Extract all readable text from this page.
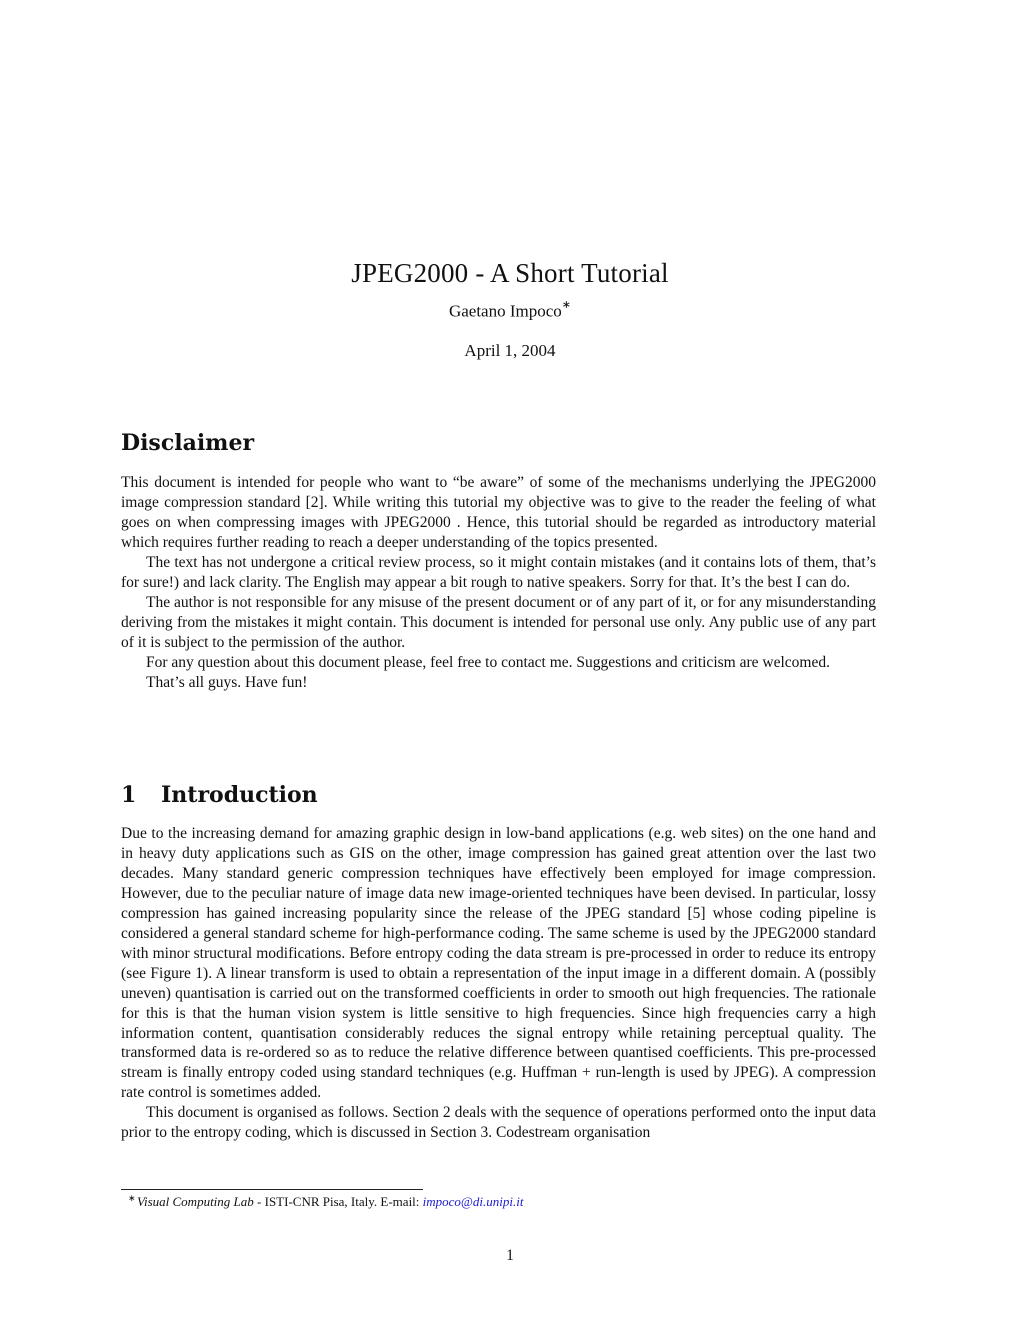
JPEG2000 - A Short Tutorial
Gaetano Impoco∗
April 1, 2004
Disclaimer

This document is intended for people who want to “be aware” of some of the mechanisms underlying the JPEG2000 image compression standard [2]. While writing this tutorial my objective was to give to the reader the feeling of what goes on when compressing images with JPEG2000 . Hence, this tutorial should be regarded as introductory material which requires further reading to reach a deeper understanding of the topics presented.

The text has not undergone a critical review process, so it might contain mistakes (and it contains lots of them, that’s for sure!) and lack clarity. The English may appear a bit rough to native speakers. Sorry for that. It’s the best I can do.

The author is not responsible for any misuse of the present document or of any part of it, or for any misunderstanding deriving from the mistakes it might contain. This document is intended for personal use only. Any public use of any part of it is subject to the permission of the author.

For any question about this document please, feel free to contact me. Suggestions and criticism are welcomed.

That’s all guys. Have fun!

1 Introduction

Due to the increasing demand for amazing graphic design in low-band applications (e.g. web sites) on the one hand and in heavy duty applications such as GIS on the other, image compression has gained great attention over the last two decades. Many standard generic compression techniques have effectively been employed for image compression. However, due to the peculiar nature of image data new image-oriented techniques have been devised. In particular, lossy compression has gained increasing popularity since the release of the JPEG standard [5] whose coding pipeline is considered a general standard scheme for high-performance coding. The same scheme is used by the JPEG2000 standard with minor structural modifications. Before entropy coding the data stream is pre-processed in order to reduce its entropy (see Figure 1). A linear transform is used to obtain a representation of the input image in a different domain. A (possibly uneven) quantisation is carried out on the transformed coefficients in order to smooth out high frequencies. The rationale for this is that the human vision system is little sensitive to high frequencies. Since high frequencies carry a high information content, quantisation considerably reduces the signal entropy while retaining perceptual quality. The transformed data is re-ordered so as to reduce the relative difference between quantised coefficients. This pre-processed stream is finally entropy coded using standard techniques (e.g. Huffman + run-length is used by JPEG). A compression rate control is sometimes added.

This document is organised as follows. Section 2 deals with the sequence of operations performed onto the input data prior to the entropy coding, which is discussed in Section 3. Codestream organisation

∗ Visual Computing Lab - ISTI-CNR Pisa, Italy. E-mail: impoco@di.unipi.it
1
